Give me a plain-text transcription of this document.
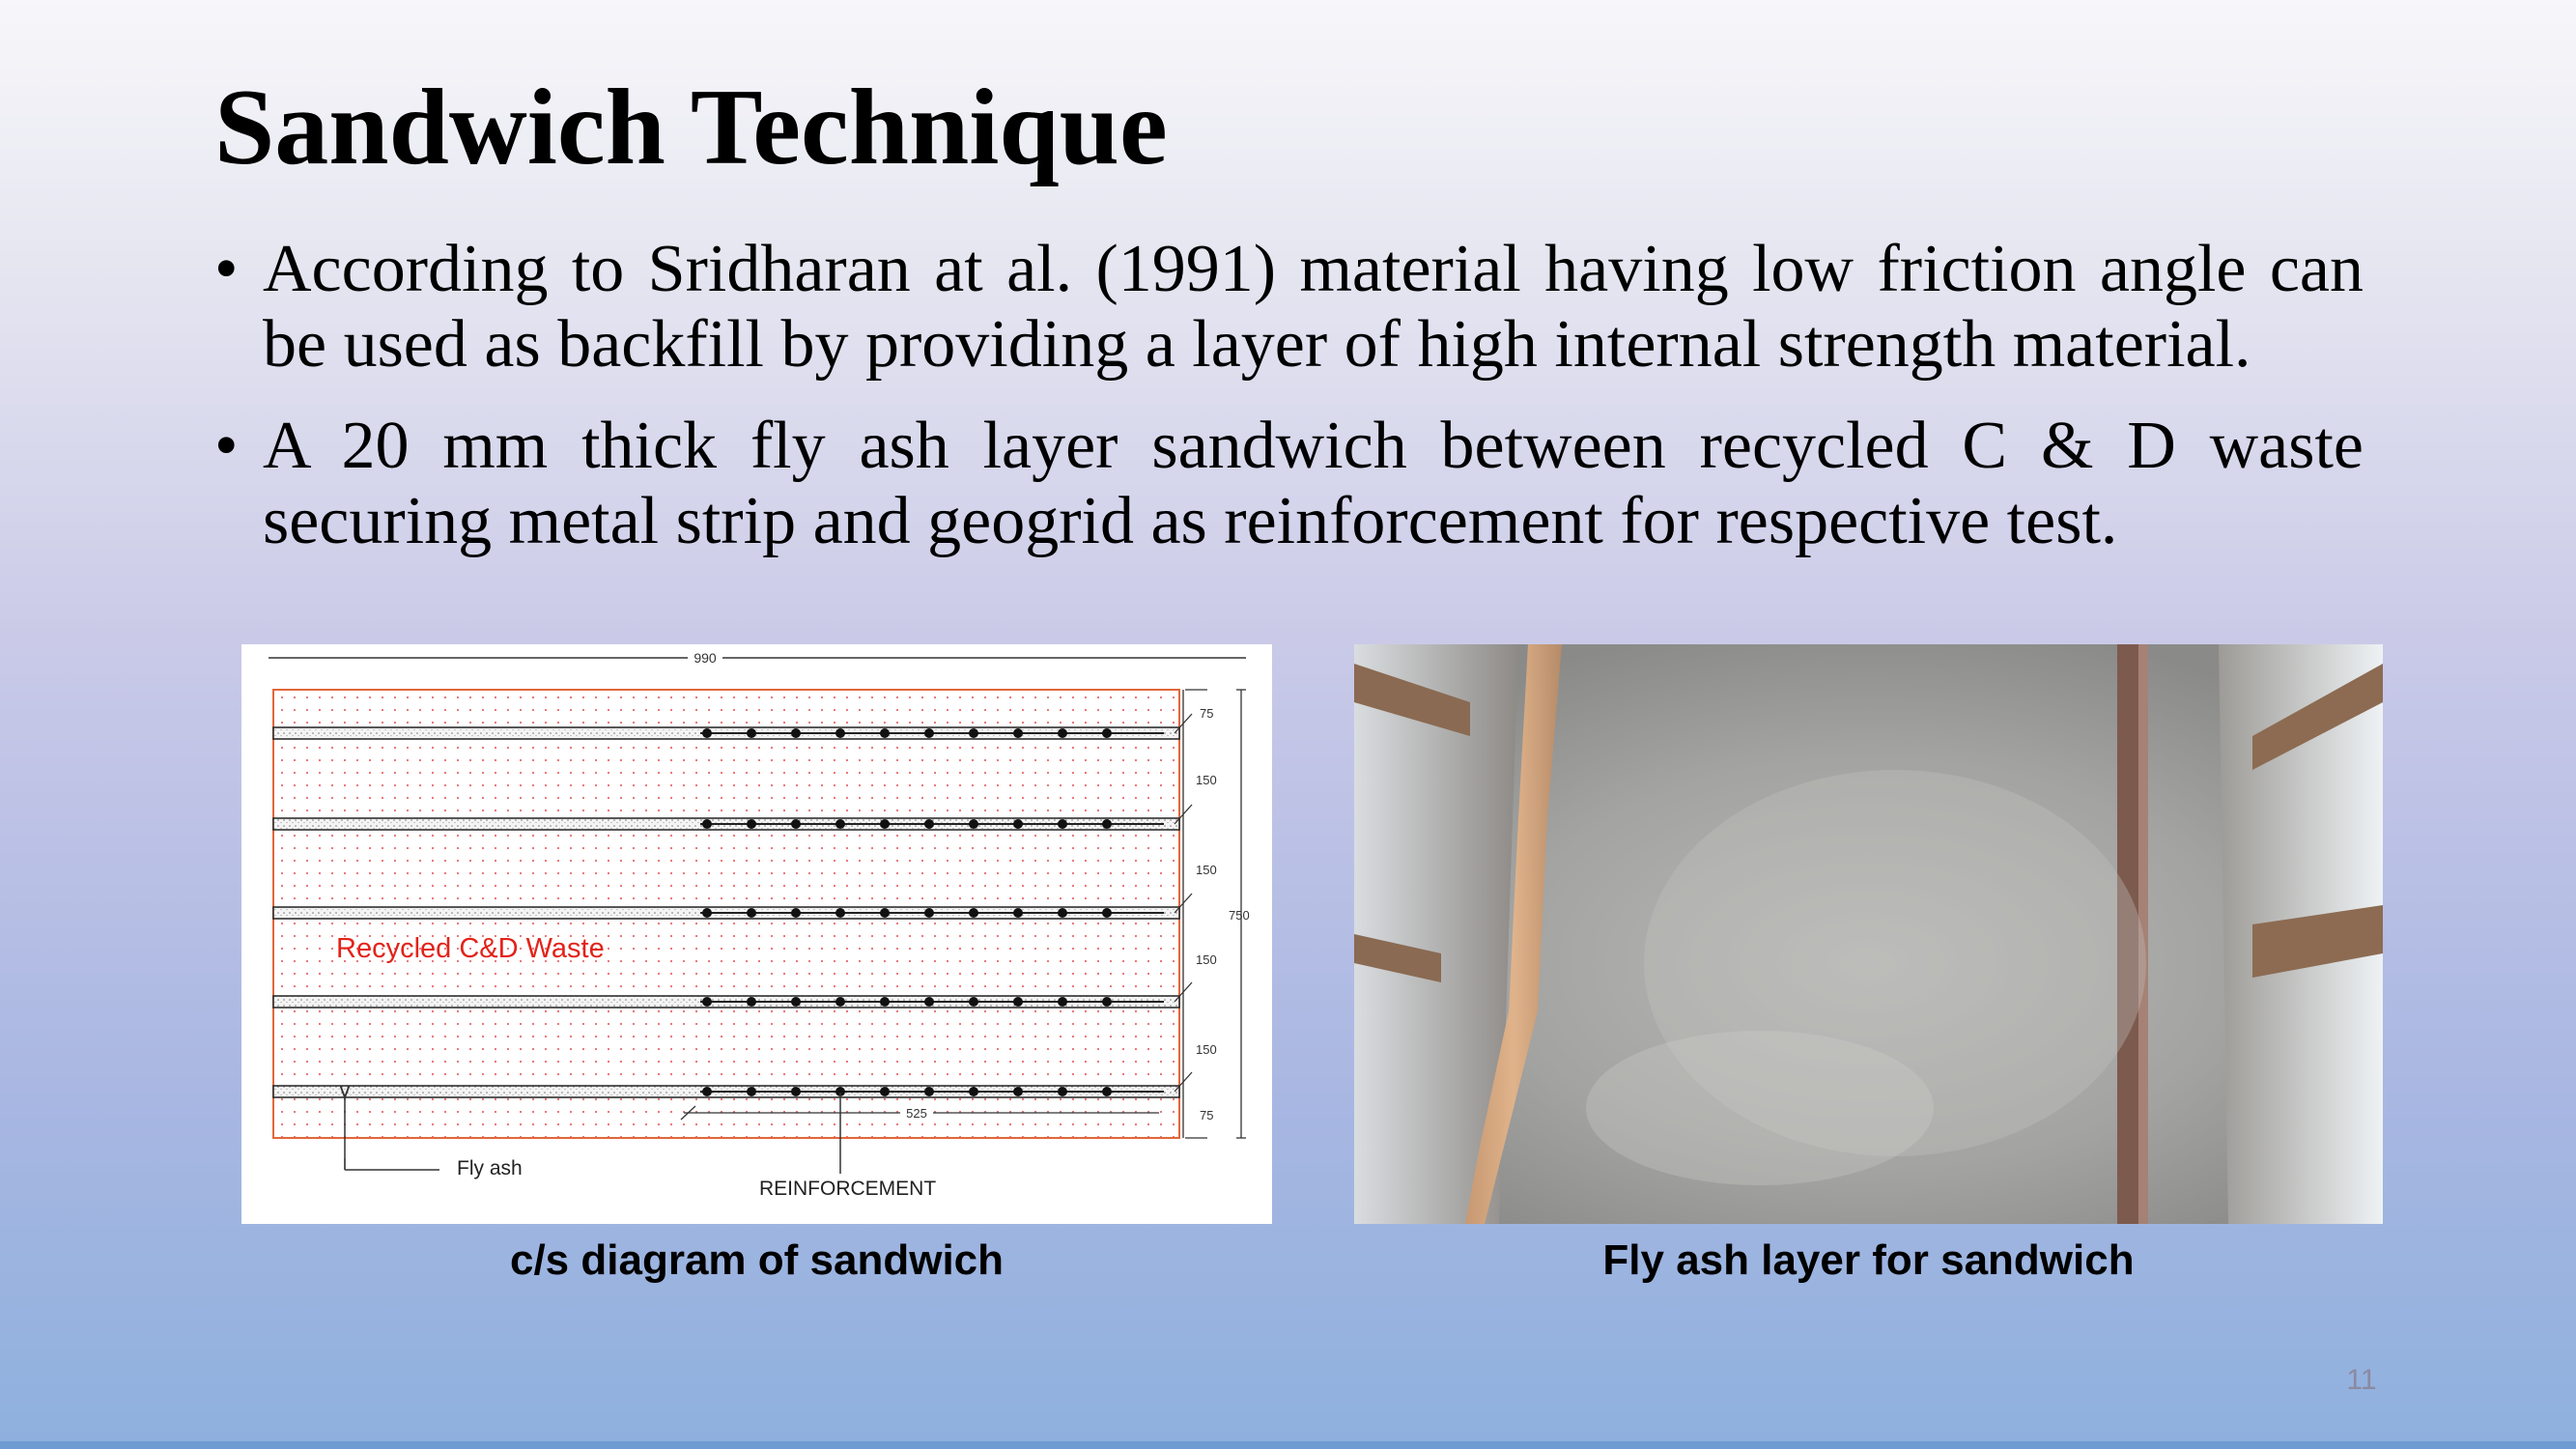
Sandwich Technique
• According to Sridharan at al. (1991) material having low friction angle can be used as backfill by providing a layer of high internal strength material.
• A 20 mm thick fly ash layer sandwich between recycled C & D waste securing metal strip and geogrid as reinforcement for respective test.
990
Recycled C&D Waste
75
150
150
150
150
75
750
525
Fly ash
REINFORCEMENT
c/s diagram of sandwich	Fly ash layer for sandwich
11
